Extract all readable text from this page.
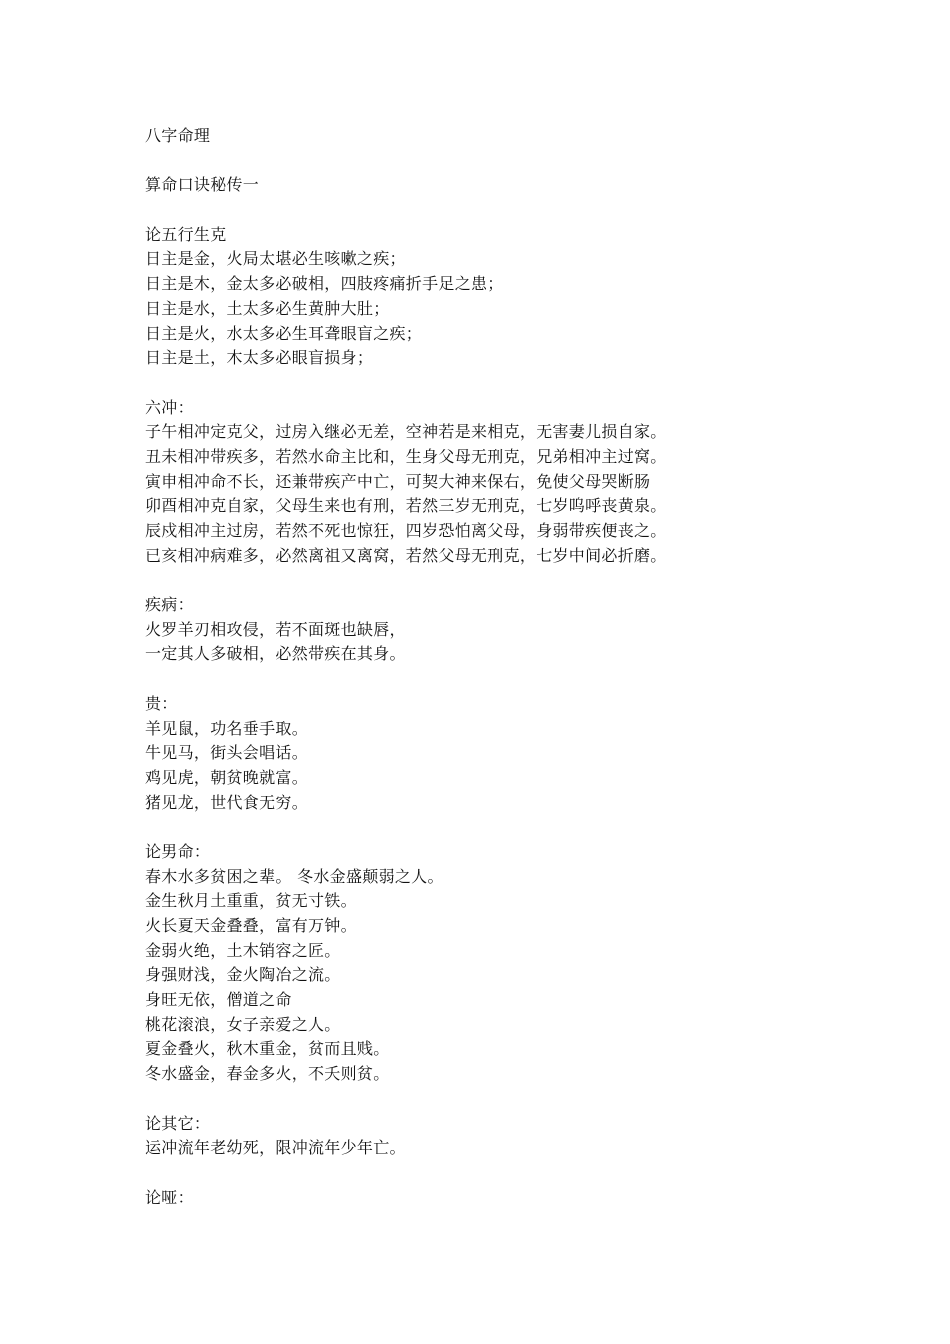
八字命理
算命口诀秘传一
论五行生克
日主是金，火局太堪必生咳嗽之疾；
日主是木，金太多必破相，四肢疼痛折手足之患；
日主是水，土太多必生黄肿大肚；
日主是火，水太多必生耳聋眼盲之疾；
日主是土，木太多必眼盲损身；
六冲：
子午相冲定克父，过房入继必无差，空神若是来相克，无害妻儿损自家。
丑未相冲带疾多，若然水命主比和，生身父母无刑克，兄弟相冲主过窝。
寅申相冲命不长，还兼带疾产中亡，可契大神来保右，免使父母哭断肠
卯酉相冲克自家，父母生来也有刑，若然三岁无刑克，七岁呜呼丧黄泉。
辰戍相冲主过房，若然不死也惊狂，四岁恐怕离父母，身弱带疾便丧之。
已亥相冲病难多，必然离祖又离窝，若然父母无刑克，七岁中间必折磨。
疾病：
火罗羊刃相攻侵，若不面斑也缺唇，
一定其人多破相，必然带疾在其身。
贵：
羊见鼠，功名垂手取。
牛见马，街头会唱话。
鸡见虎，朝贫晚就富。
猪见龙，世代食无穷。
论男命：
春木水多贫困之辈。 冬水金盛颠弱之人。
金生秋月土重重，贫无寸铁。
火长夏天金叠叠，富有万钟。
金弱火绝，土木销容之匠。
身强财浅，金火陶冶之流。
身旺无依，僧道之命
桃花滚浪，女子亲爱之人。
夏金叠火，秋木重金，贫而且贱。
冬水盛金，春金多火，不夭则贫。
论其它：
运冲流年老幼死，限冲流年少年亡。
论哑：
